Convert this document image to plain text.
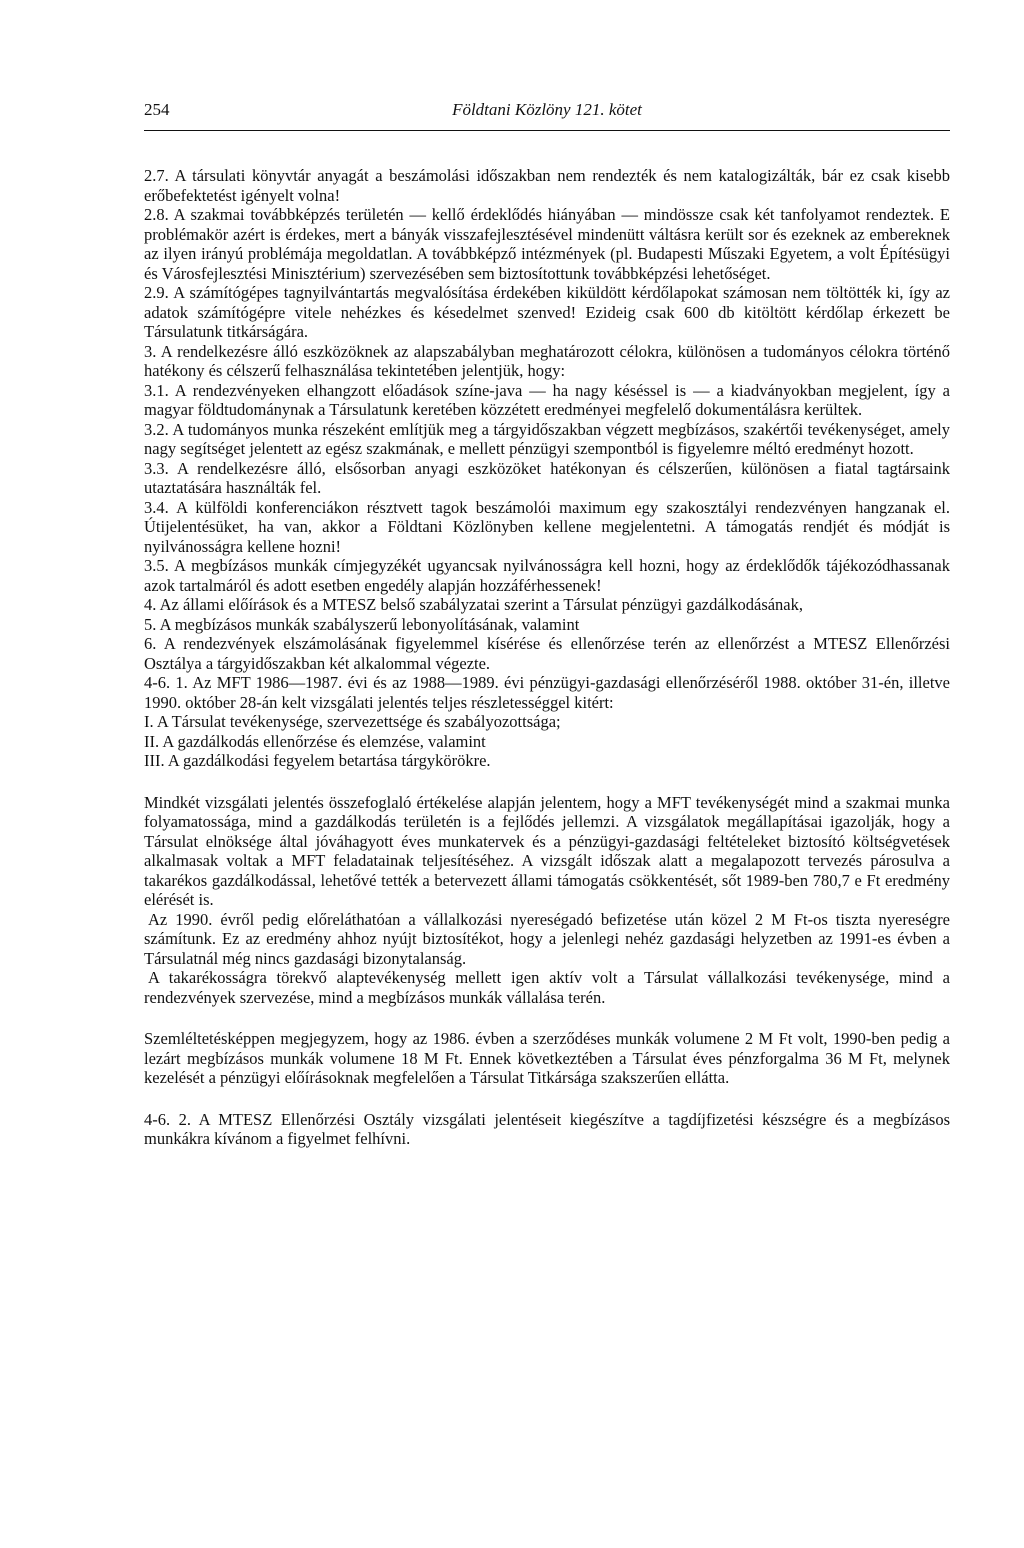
Földtani Közlöny 121. kötet
254

2.7. A társulati könyvtár anyagát a beszámolási időszakban nem rendezték és nem katalogizálták, bár ez csak kisebb erőbefektetést igényelt volna!

2.8. A szakmai továbbképzés területén — kellő érdeklődés hiányában — mindössze csak két tanfolyamot rendeztek. E problémakör azért is érdekes, mert a bányák visszafejlesztésével mindenütt váltásra került sor és ezeknek az embereknek az ilyen irányú problémája megoldatlan. A továbbképző intézmények (pl. Budapesti Műszaki Egyetem, a volt Építésügyi és Városfejlesztési Minisztérium) szervezésében sem biztosítottunk továbbképzési lehetőséget.

2.9. A számítógépes tagnyilvántartás megvalósítása érdekében kiküldött kérdőlapokat számosan nem töltötték ki, így az adatok számítógépre vitele nehézkes és késedelmet szenved! Ezideig csak 600 db kitöltött kérdőlap érkezett be Társulatunk titkárságára.

3. A rendelkezésre álló eszközöknek az alapszabályban meghatározott célokra, különösen a tudományos célokra történő hatékony és célszerű felhasználása tekintetében jelentjük, hogy:

3.1. A rendezvényeken elhangzott előadások színe-java — ha nagy késéssel is — a kiadványokban megjelent, így a magyar földtudománynak a Társulatunk keretében közzétett eredményei megfelelő dokumentálásra kerültek.

3.2. A tudományos munka részeként említjük meg a tárgyidőszakban végzett megbízásos, szakértői tevékenységet, amely nagy segítséget jelentett az egész szakmának, e mellett pénzügyi szempontból is figyelemre méltó eredményt hozott.

3.3. A rendelkezésre álló, elsősorban anyagi eszközöket hatékonyan és célszerűen, különösen a fiatal tagtársaink utaztatására használták fel.

3.4. A külföldi konferenciákon résztvett tagok beszámolói maximum egy szakosztályi rendezvényen hangzanak el. Útijelentésüket, ha van, akkor a Földtani Közlönyben kellene megjelentetni. A támogatás rendjét és módját is nyilvánosságra kellene hozni!

3.5. A megbízásos munkák címjegyzékét ugyancsak nyilvánosságra kell hozni, hogy az érdeklődők tájékozódhassanak azok tartalmáról és adott esetben engedély alapján hozzáférhessenek!

4. Az állami előírások és a MTESZ belső szabályzatai szerint a Társulat pénzügyi gazdálkodásának,

5. A megbízásos munkák szabályszerű lebonyolításának, valamint

6. A rendezvények elszámolásának figyelemmel kísérése és ellenőrzése terén az ellenőrzést a MTESZ Ellenőrzési Osztálya a tárgyidőszakban két alkalommal végezte.

4-6. 1. Az MFT 1986—1987. évi és az 1988—1989. évi pénzügyi-gazdasági ellenőrzéséről 1988. október 31-én, illetve 1990. október 28-án kelt vizsgálati jelentés teljes részletességgel kitért:

I. A Társulat tevékenysége, szervezettsége és szabályozottsága;

II. A gazdálkodás ellenőrzése és elemzése, valamint

III. A gazdálkodási fegyelem betartása tárgykörökre.

Mindkét vizsgálati jelentés összefoglaló értékelése alapján jelentem, hogy a MFT tevékenységét mind a szakmai munka folyamatossága, mind a gazdálkodás területén is a fejlődés jellemzi. A vizsgálatok megállapításai igazolják, hogy a Társulat elnöksége által jóváhagyott éves munkatervek és a pénzügyi-gazdasági feltételeket biztosító költségvetések alkalmasak voltak a MFT feladatainak teljesítéséhez. A vizsgált időszak alatt a megalapozott tervezés párosulva a takarékos gazdálkodással, lehetővé tették a betervezett állami támogatás csökkentését, sőt 1989-ben 780,7 e Ft eredmény elérését is.

Az 1990. évről pedig előreláthatóan a vállalkozási nyereségadó befizetése után közel 2 M Ft-os tiszta nyereségre számítunk. Ez az eredmény ahhoz nyújt biztosítékot, hogy a jelenlegi nehéz gazdasági helyzetben az 1991-es évben a Társulatnál még nincs gazdasági bizonytalanság.

A takarékosságra törekvő alaptevékenység mellett igen aktív volt a Társulat vállalkozási tevékenysége, mind a rendezvények szervezése, mind a megbízásos munkák vállalása terén.

Szemléltetésképpen megjegyzem, hogy az 1986. évben a szerződéses munkák volumene 2 M Ft volt, 1990-ben pedig a lezárt megbízásos munkák volumene 18 M Ft. Ennek következtében a Társulat éves pénzforgalma 36 M Ft, melynek kezelését a pénzügyi előírásoknak megfelelően a Társulat Titkársága szakszerűen ellátta.

4-6. 2. A MTESZ Ellenőrzési Osztály vizsgálati jelentéseit kiegészítve a tagdíjfizetési készségre és a megbízásos munkákra kívánom a figyelmet felhívni.
